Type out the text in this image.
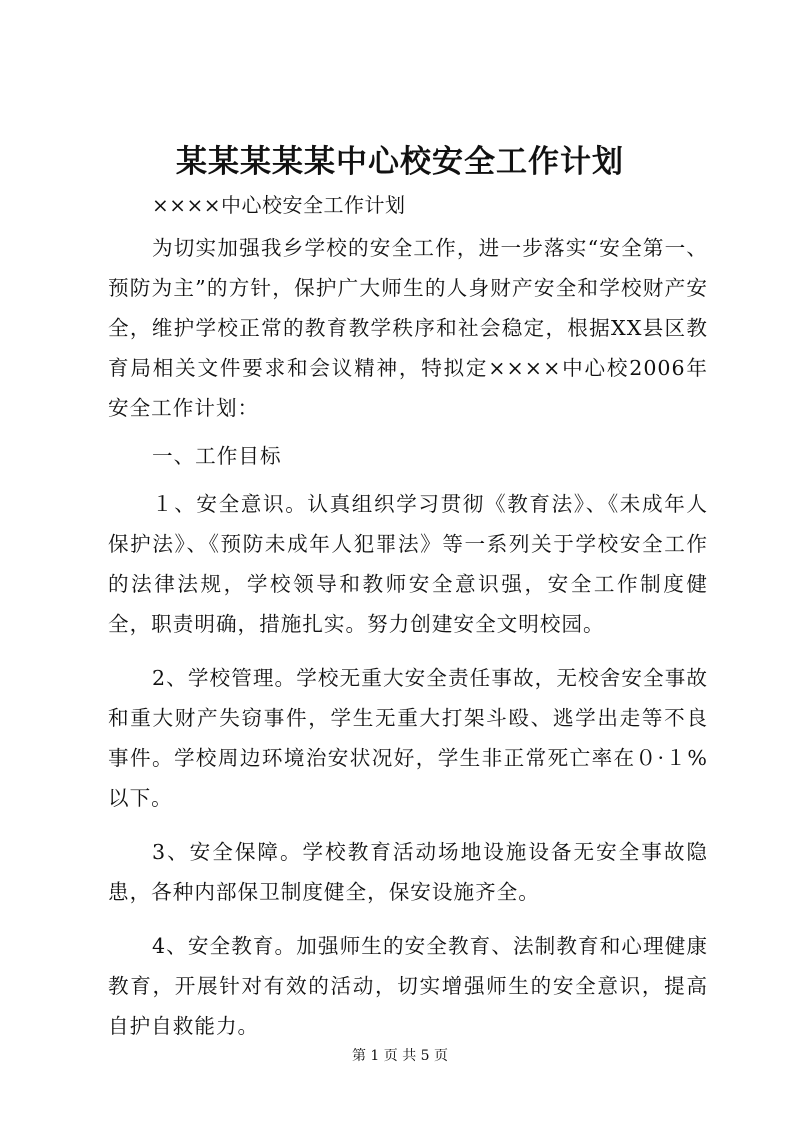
某某某某某中心校安全工作计划

××××中心校安全工作计划

为切实加强我乡学校的安全工作，进一步落实“安全第一、预防为主”的方针，保护广大师生的人身财产安全和学校财产安全，维护学校正常的教育教学秩序和社会稳定，根据XX县区教育局相关文件要求和会议精神，特拟定××××中心校2006年安全工作计划：

一、工作目标

１、安全意识。认真组织学习贯彻《教育法》、《未成年人保护法》、《预防未成年人犯罪法》等一系列关于学校安全工作的法律法规，学校领导和教师安全意识强，安全工作制度健全，职责明确，措施扎实。努力创建安全文明校园。

2、学校管理。学校无重大安全责任事故，无校舍安全事故和重大财产失窃事件，学生无重大打架斗殴、逃学出走等不良事件。学校周边环境治安状况好，学生非正常死亡率在０·１%以下。

3、安全保障。学校教育活动场地设施设备无安全事故隐患，各种内部保卫制度健全，保安设施齐全。

4、安全教育。加强师生的安全教育、法制教育和心理健康教育，开展针对有效的活动，切实增强师生的安全意识，提高自护自救能力。

第 1 页 共 5 页
